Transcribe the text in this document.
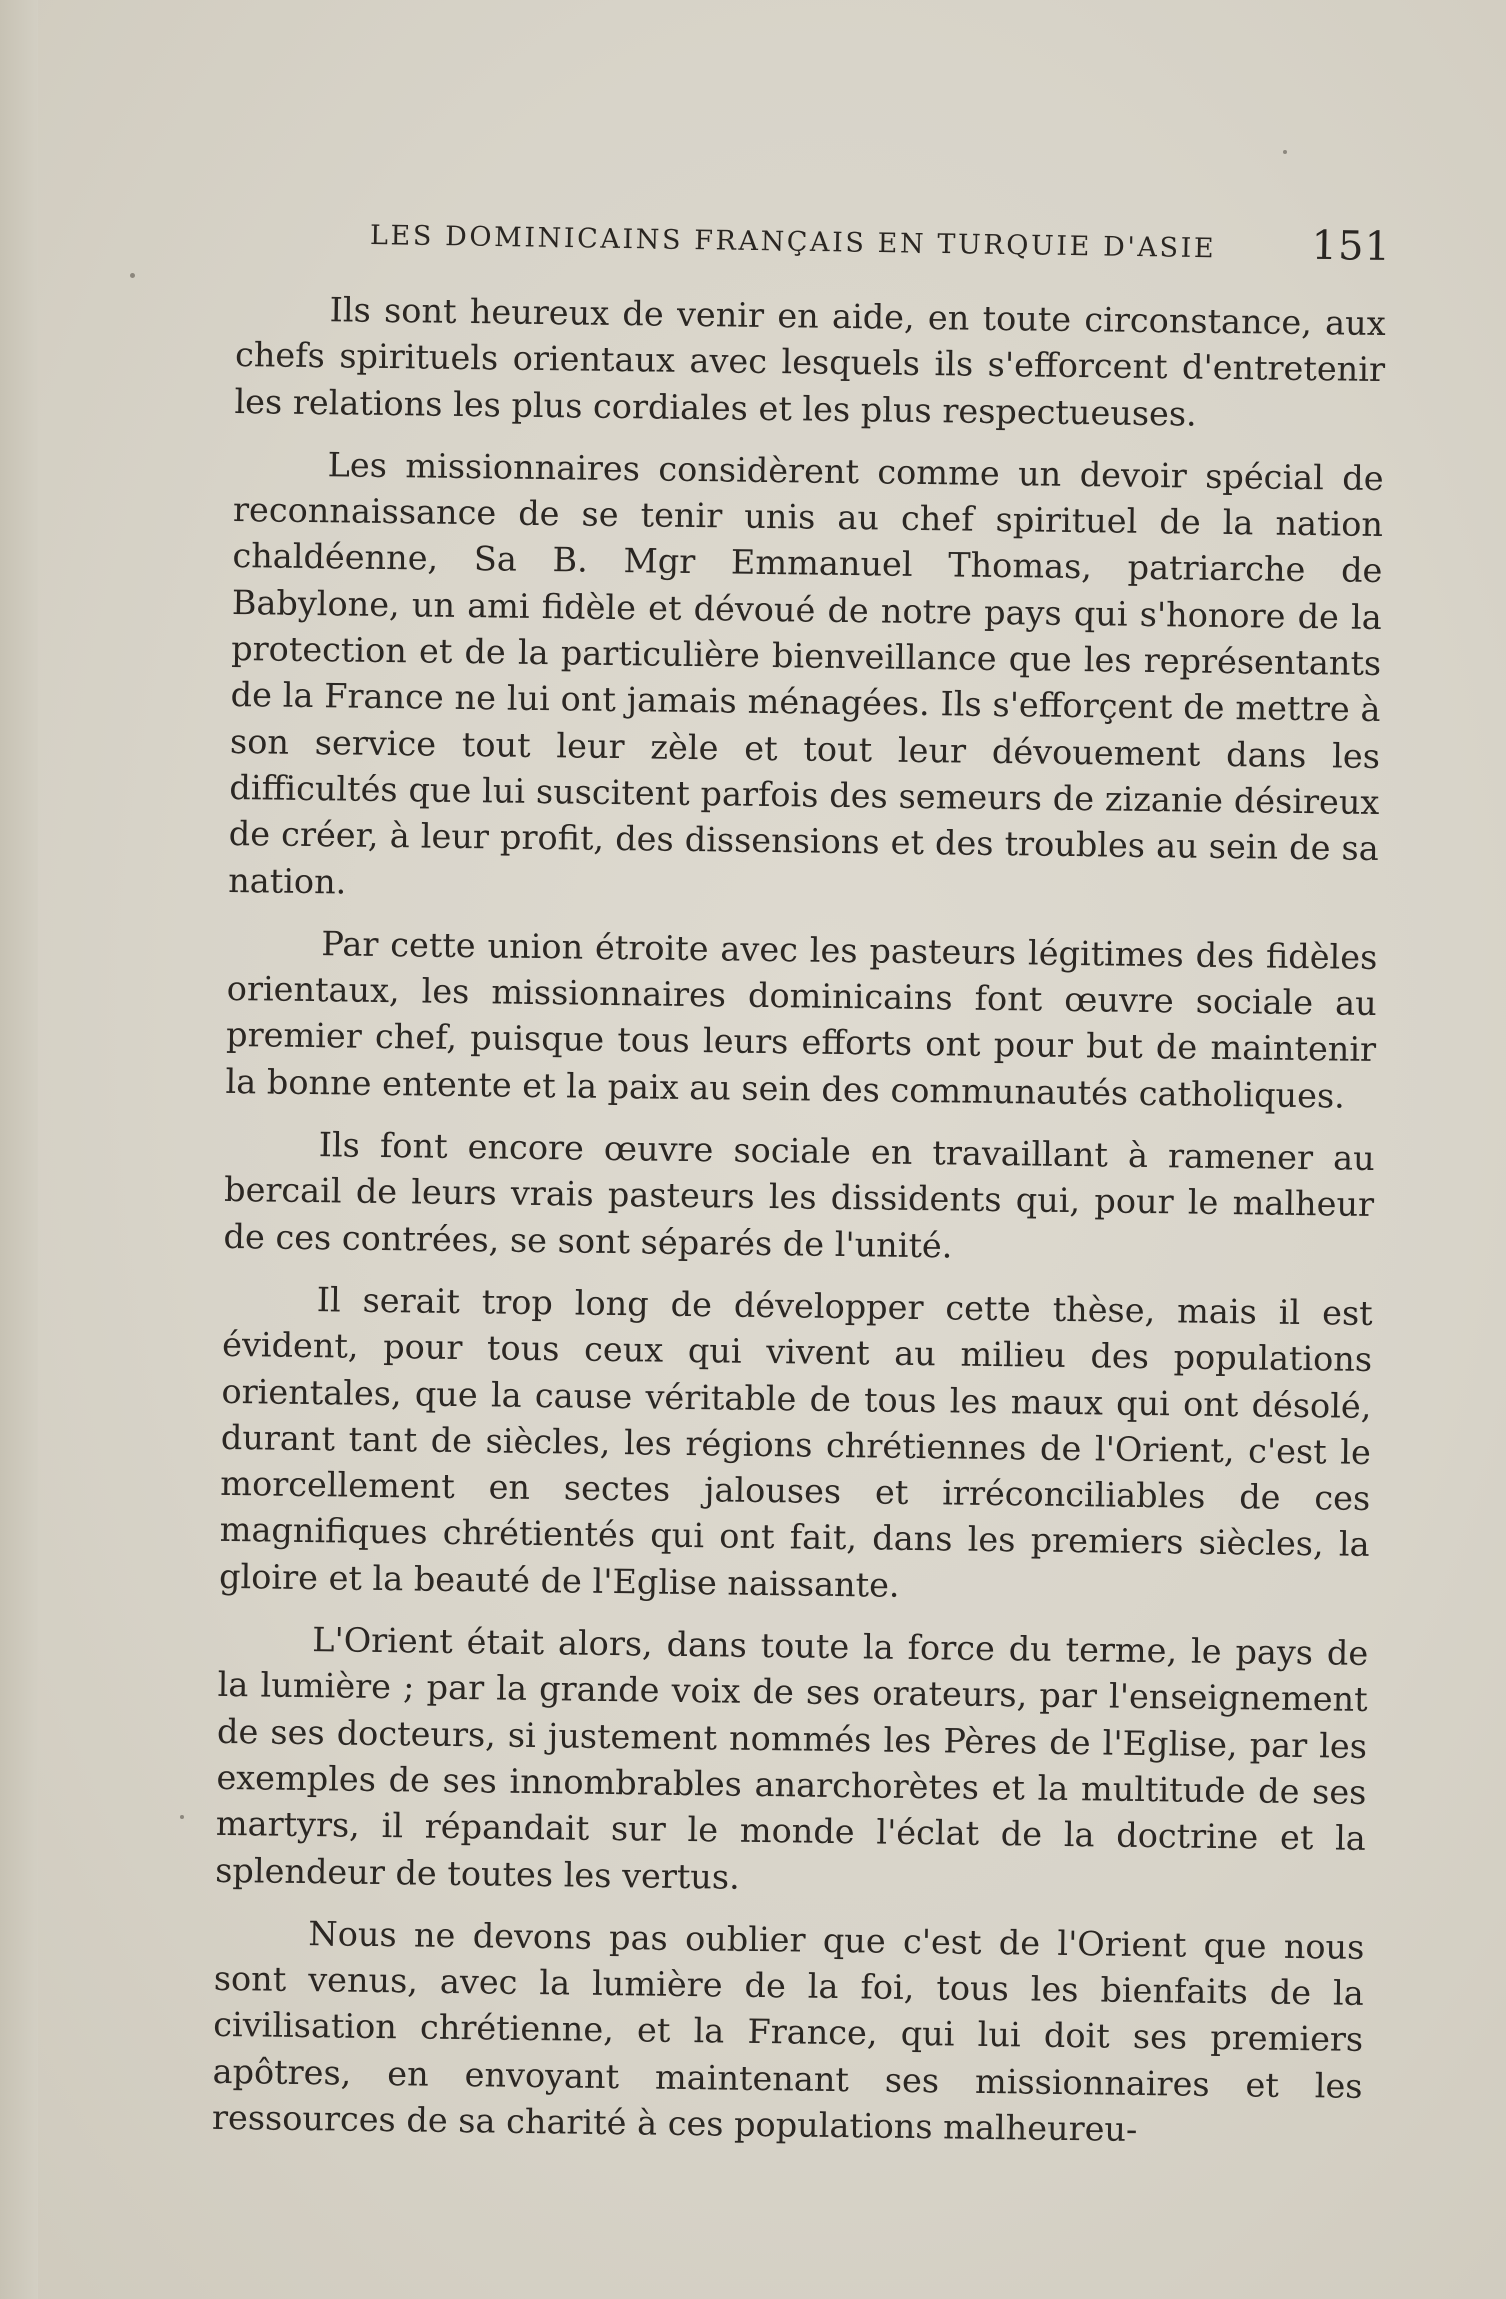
LES DOMINICAINS FRANÇAIS EN TURQUIE D'ASIE 151

Ils sont heureux de venir en aide, en toute circonstance, aux chefs spirituels orientaux avec lesquels ils s'efforcent d'entretenir les relations les plus cordiales et les plus respectueuses.

Les missionnaires considèrent comme un devoir spécial de reconnaissance de se tenir unis au chef spirituel de la nation chaldéenne, Sa B. Mgr Emmanuel Thomas, patriarche de Babylone, un ami fidèle et dévoué de notre pays qui s'honore de la protection et de la particulière bienveillance que les représentants de la France ne lui ont jamais ménagées. Ils s'efforçent de mettre à son service tout leur zèle et tout leur dévouement dans les difficultés que lui suscitent parfois des semeurs de zizanie désireux de créer, à leur profit, des dissensions et des troubles au sein de sa nation.

Par cette union étroite avec les pasteurs légitimes des fidèles orientaux, les missionnaires dominicains font œuvre sociale au premier chef, puisque tous leurs efforts ont pour but de maintenir la bonne entente et la paix au sein des communautés catholiques.

Ils font encore œuvre sociale en travaillant à ramener au bercail de leurs vrais pasteurs les dissidents qui, pour le malheur de ces contrées, se sont séparés de l'unité.

Il serait trop long de développer cette thèse, mais il est évident, pour tous ceux qui vivent au milieu des populations orientales, que la cause véritable de tous les maux qui ont désolé, durant tant de siècles, les régions chrétiennes de l'Orient, c'est le morcellement en sectes jalouses et irréconciliables de ces magnifiques chrétientés qui ont fait, dans les premiers siècles, la gloire et la beauté de l'Eglise naissante.

L'Orient était alors, dans toute la force du terme, le pays de la lumière ; par la grande voix de ses orateurs, par l'enseignement de ses docteurs, si justement nommés les Pères de l'Eglise, par les exemples de ses innombrables anarchorètes et la multitude de ses martyrs, il répandait sur le monde l'éclat de la doctrine et la splendeur de toutes les vertus.

Nous ne devons pas oublier que c'est de l'Orient que nous sont venus, avec la lumière de la foi, tous les bienfaits de la civilisation chrétienne, et la France, qui lui doit ses premiers apôtres, en envoyant maintenant ses missionnaires et les ressources de sa charité à ces populations malheureu-
